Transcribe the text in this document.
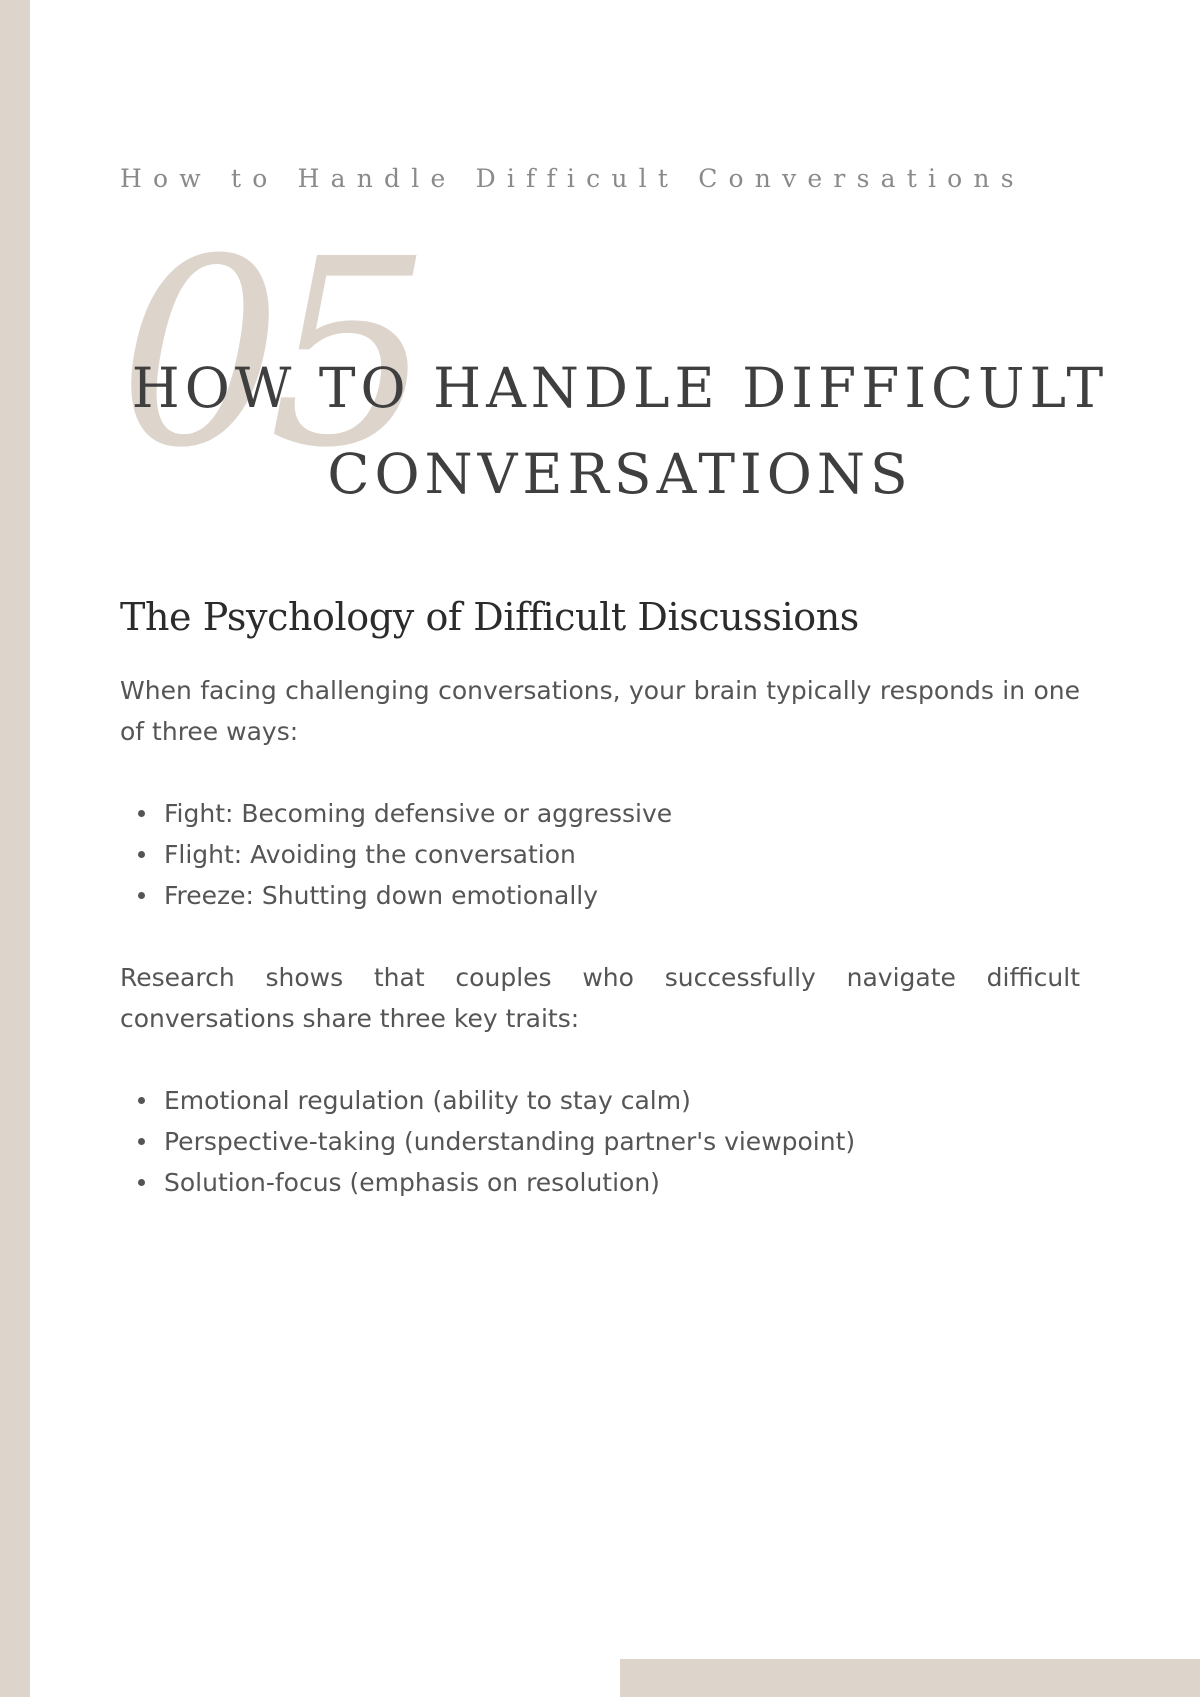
How to Handle Difficult Conversations
05
HOW TO HANDLE DIFFICULT
CONVERSATIONS
The Psychology of Difficult Discussions

When facing challenging conversations, your brain typically responds in one of three ways:

Fight: Becoming defensive or aggressive
Flight: Avoiding the conversation
Freeze: Shutting down emotionally

Research shows that couples who successfully navigate difficult conversations share three key traits:

Emotional regulation (ability to stay calm)
Perspective-taking (understanding partner's viewpoint)
Solution-focus (emphasis on resolution)
